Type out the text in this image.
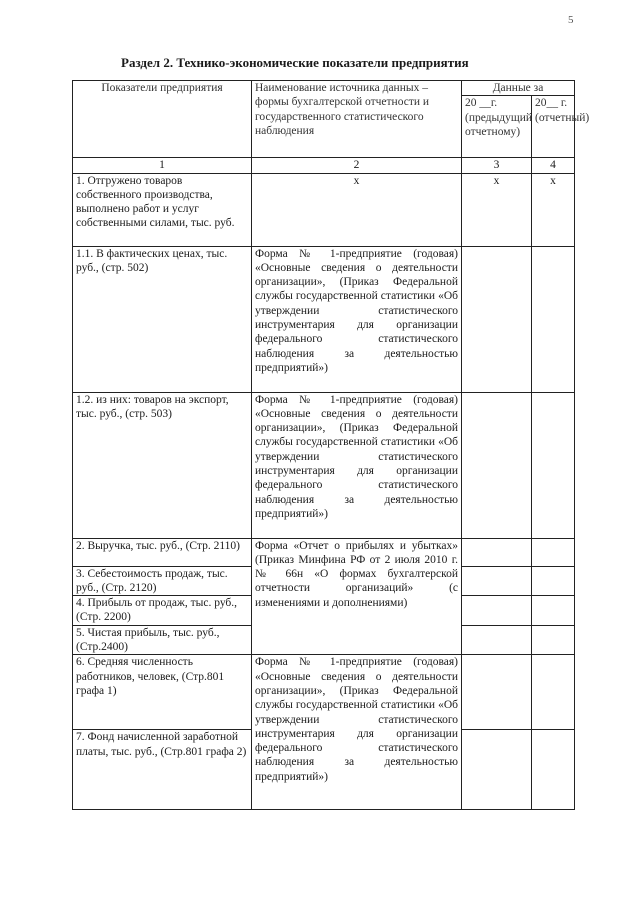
5
Раздел 2. Технико-экономические показатели предприятия
Показатели предприятия	Наименование источника данных – формы бухгалтерской отчетности и государственного статистического наблюдения	Данные за	
		20 __г. (предыдущий отчетному)	20__ г. (отчетный)
1	2	3	4
1. Отгружено товаров собственного производства, выполнено работ и услуг собственными силами, тыс. руб.	х	х	х
1.1. В фактических ценах, тыс. руб., (стр. 502)	Форма № 1-предприятие (годовая) «Основные сведения о деятельности организации», (Приказ Федеральной службы государственной статистики «Об утверждении статистического инструментария для организации федерального статистического наблюдения за деятельностью предприятий»)		
1.2. из них: товаров на экспорт, тыс. руб., (стр. 503)	Форма № 1-предприятие (годовая) «Основные сведения о деятельности организации», (Приказ Федеральной службы государственной статистики «Об утверждении статистического инструментария для организации федерального статистического наблюдения за деятельностью предприятий»)		
2. Выручка, тыс. руб., (Стр. 2110)	Форма «Отчет о прибылях и убытках» (Приказ Минфина РФ от 2 июля 2010 г. № 66н «О формах бухгалтерской отчетности организаций» (с изменениями и дополнениями)		
3. Себестоимость продаж, тыс. руб., (Стр. 2120)			
4. Прибыль от продаж, тыс. руб., (Стр. 2200)			
5. Чистая прибыль, тыс. руб., (Стр.2400)			
6. Средняя численность работников, человек, (Стр.801 графа 1)	Форма № 1-предприятие (годовая) «Основные сведения о деятельности организации», (Приказ Федеральной службы государственной статистики «Об утверждении статистического инструментария для организации федерального статистического наблюдения за деятельностью предприятий»)		
7. Фонд начисленной заработной платы, тыс. руб., (Стр.801 графа 2)			
